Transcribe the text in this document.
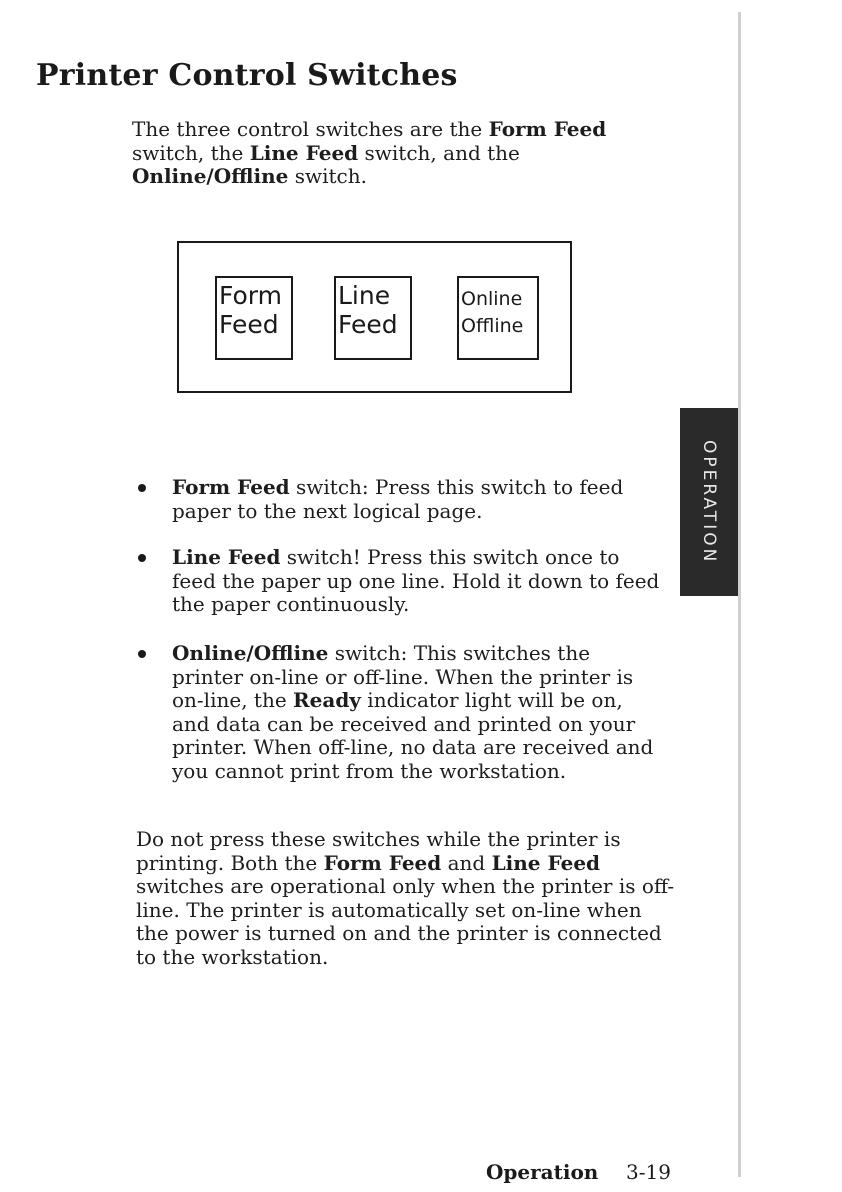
Printer Control Switches

The three control switches are the Form Feed switch, the Line Feed switch, and the Online/Offline switch.

Form
Feed
Line
Feed
Online
Offline

Form Feed switch: Press this switch to feed paper to the next logical page.

Line Feed switch! Press this switch once to feed the paper up one line. Hold it down to feed the paper continuously.

Online/Offline switch: This switches the printer on-line or off-line. When the printer is on-line, the Ready indicator light will be on, and data can be received and printed on your printer. When off-line, no data are received and you cannot print from the workstation.

Do not press these switches while the printer is printing. Both the Form Feed and Line Feed switches are operational only when the printer is off-line. The printer is automatically set on-line when the power is turned on and the printer is connected to the workstation.

OPERATION
Operation 3-19
